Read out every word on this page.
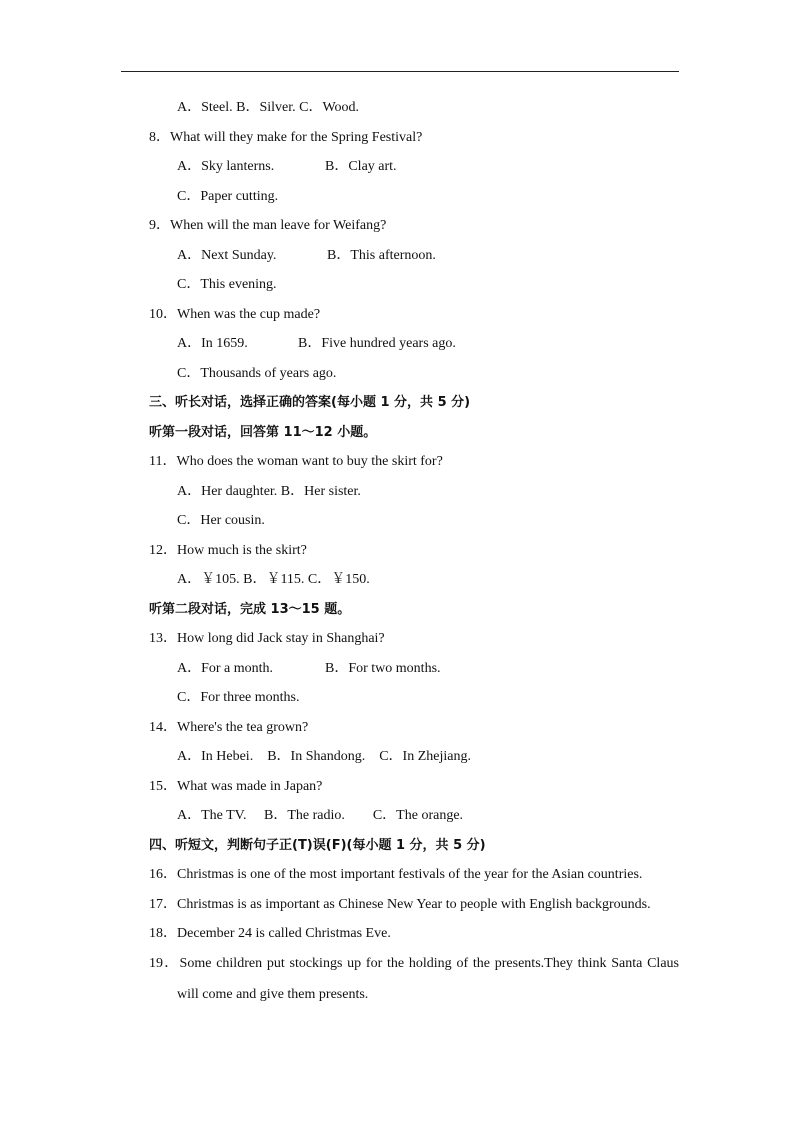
A．Steel. B．Silver. C．Wood.
8．What will they make for the Spring Festival?
A．Sky lanterns.	B．Clay art.
C．Paper cutting.
9．When will the man leave for Weifang?
A．Next Sunday.	B．This afternoon.
C．This evening.
10．When was the cup made?
A．In 1659.	B．Five hundred years ago.
C．Thousands of years ago.
三、听长对话，选择正确的答案(每小题 1 分，共 5 分)
听第一段对话，回答第 11～12 小题。
11．Who does the woman want to buy the skirt for?
A．Her daughter. B．Her sister.
C．Her cousin.
12．How much is the skirt?
A．￥105. B．￥115. C．￥150.
听第二段对话，完成 13～15 题。
13．How long did Jack stay in Shanghai?
A．For a month.	B．For two months.
C．For three months.
14．Where's the tea grown?
A．In Hebei.    B．In Shandong.    C．In Zhejiang.
15．What was made in Japan?
A．The TV.     B．The radio.        C．The orange.
四、听短文，判断句子正(T)误(F)(每小题 1 分，共 5 分)
16．Christmas is one of the most important festivals of the year for the Asian countries.
17．Christmas is as important as Chinese New Year to people with English backgrounds.
18．December 24 is called Christmas Eve.
19．Some children put stockings up for the holding of the presents.They think Santa Claus
will come and give them presents.
